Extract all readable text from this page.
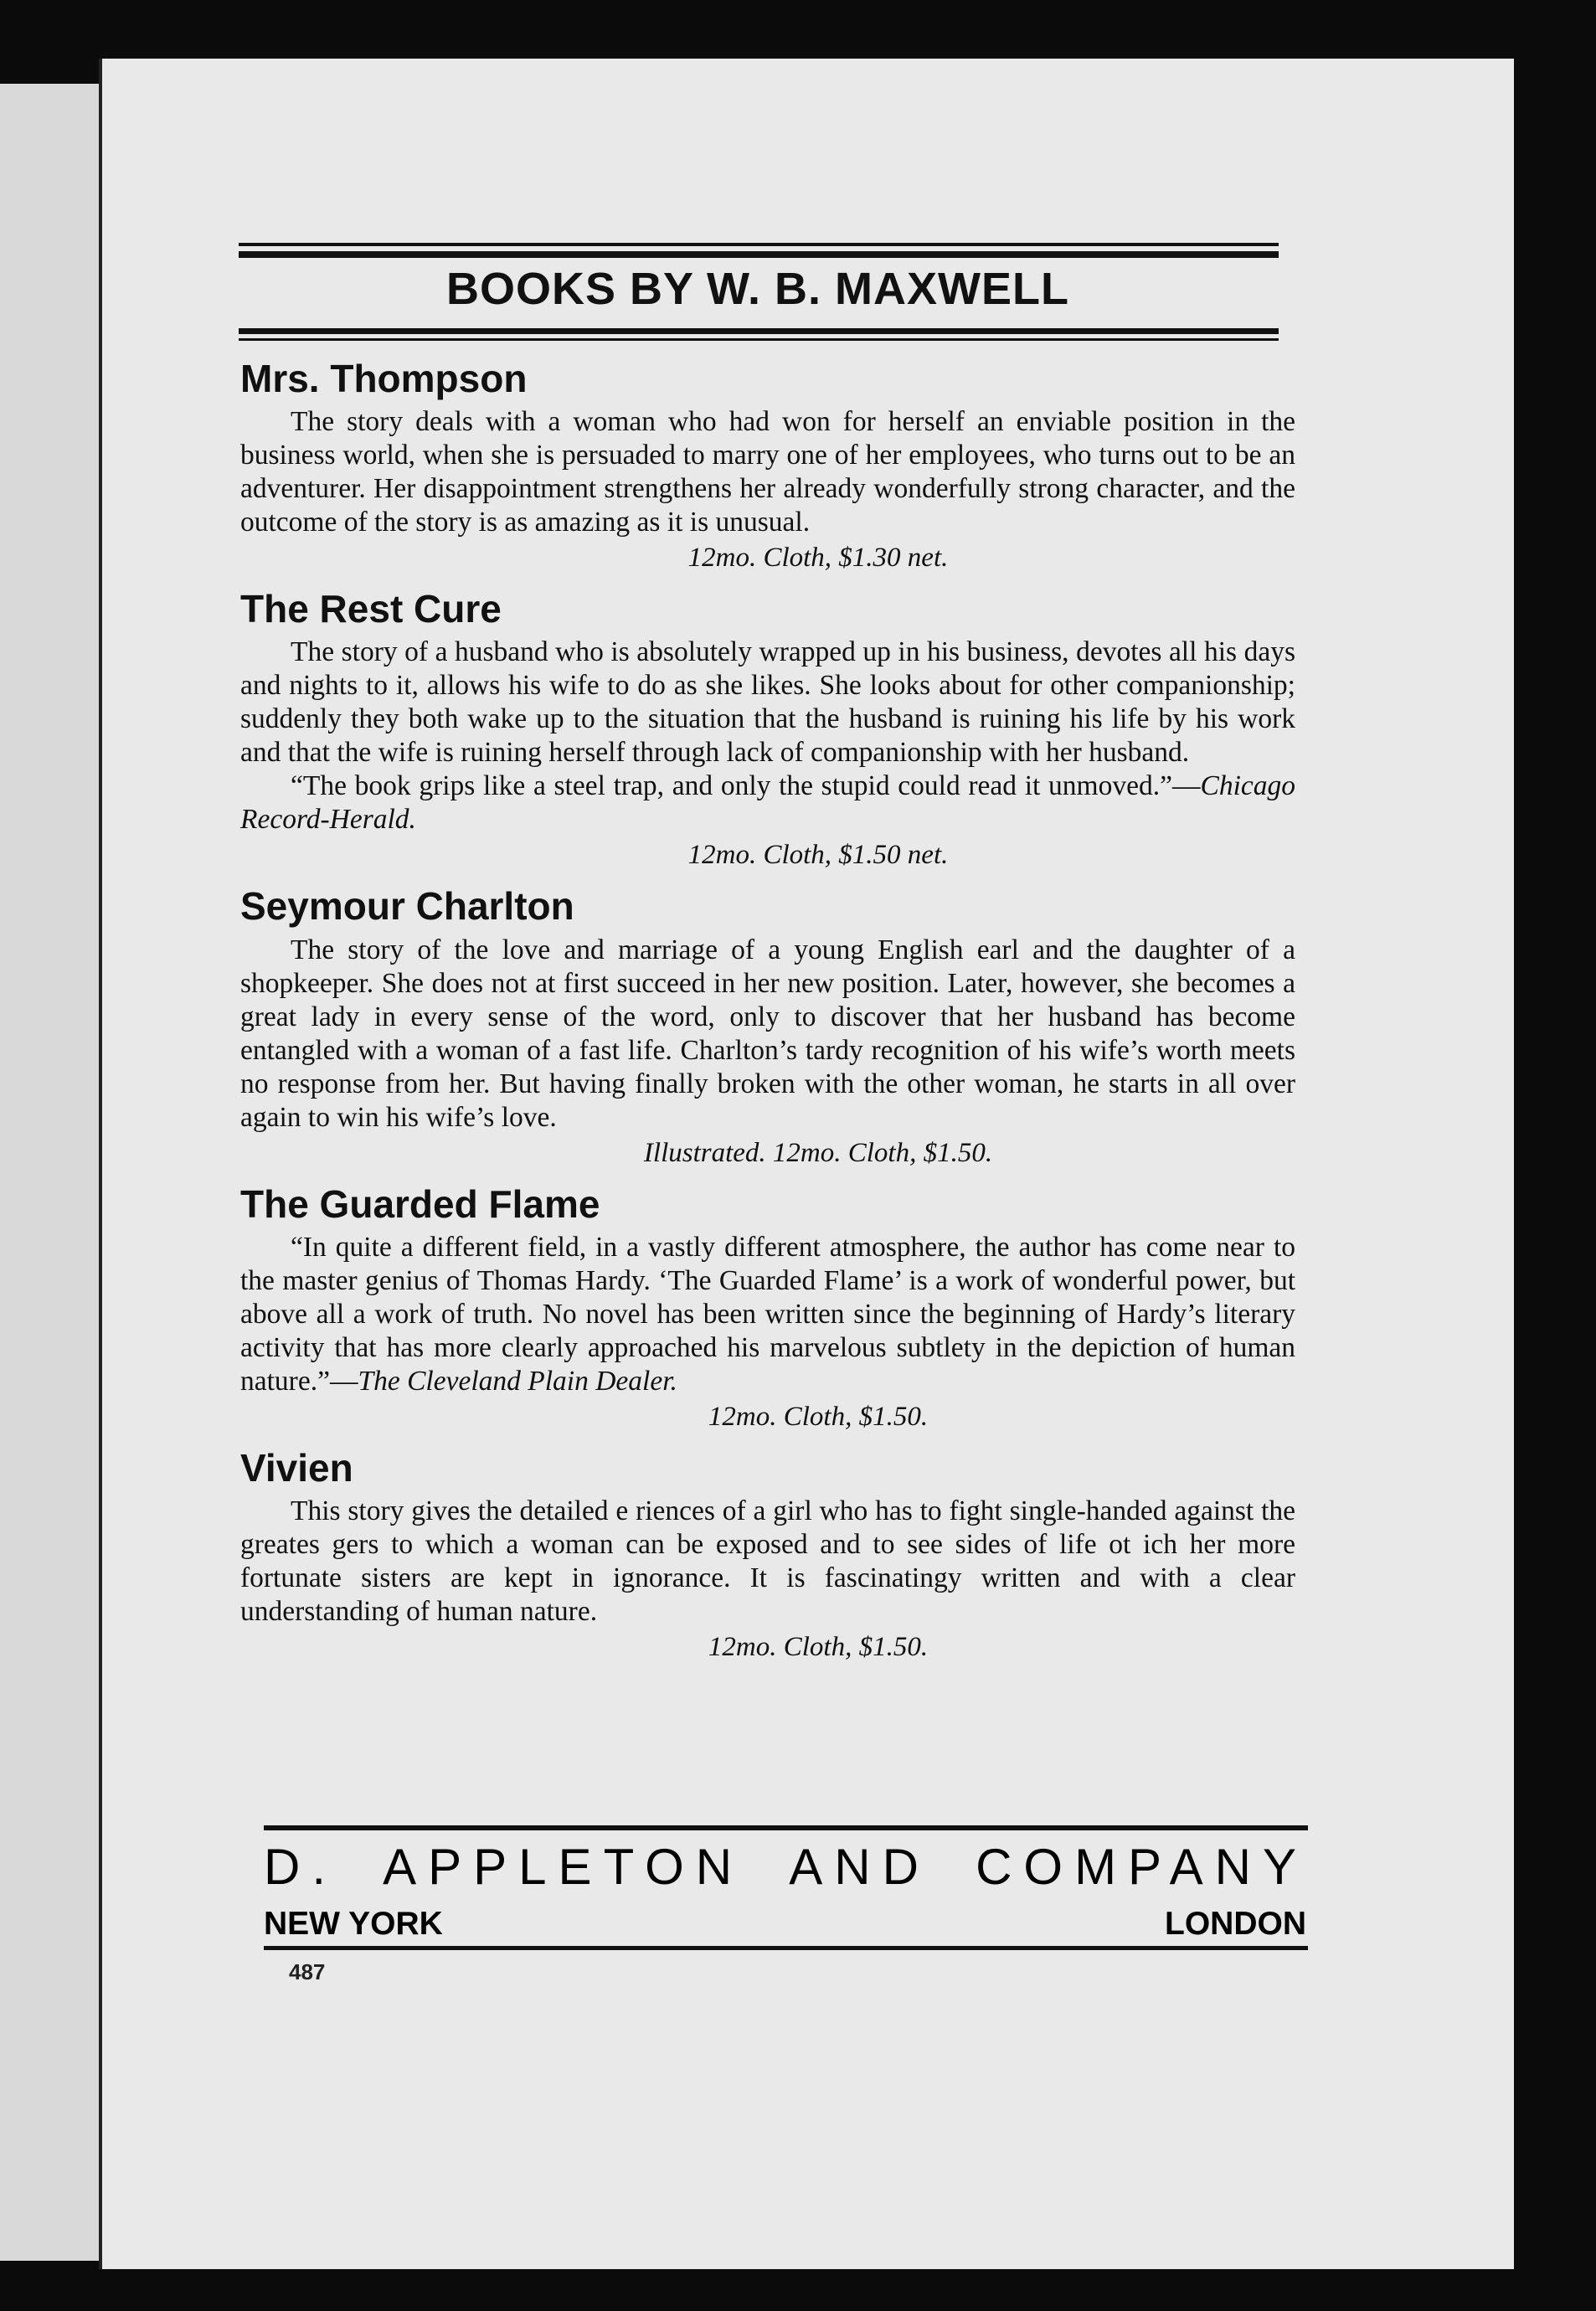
BOOKS BY W. B. MAXWELL
Mrs. Thompson

The story deals with a woman who had won for herself an enviable position in the business world, when she is persuaded to marry one of her employees, who turns out to be an adventurer. Her disappointment strengthens her already wonderfully strong character, and the outcome of the story is as amazing as it is unusual.

12mo. Cloth, $1.30 net.

The Rest Cure

The story of a husband who is absolutely wrapped up in his business, devotes all his days and nights to it, allows his wife to do as she likes. She looks about for other companionship; suddenly they both wake up to the situation that the husband is ruining his life by his work and that the wife is ruining herself through lack of companionship with her husband.

“The book grips like a steel trap, and only the stupid could read it unmoved.”—Chicago Record-Herald.

12mo. Cloth, $1.50 net.

Seymour Charlton

The story of the love and marriage of a young English earl and the daughter of a shopkeeper. She does not at first succeed in her new position. Later, however, she becomes a great lady in every sense of the word, only to discover that her husband has become entangled with a woman of a fast life. Charlton’s tardy recognition of his wife’s worth meets no response from her. But having finally broken with the other woman, he starts in all over again to win his wife’s love.

Illustrated. 12mo. Cloth, $1.50.

The Guarded Flame

“In quite a different field, in a vastly different atmosphere, the author has come near to the master genius of Thomas Hardy. ‘The Guarded Flame’ is a work of wonderful power, but above all a work of truth. No novel has been written since the beginning of Hardy’s literary activity that has more clearly approached his marvelous subtlety in the depiction of human nature.”—The Cleveland Plain Dealer.

12mo. Cloth, $1.50.

Vivien

This story gives the detailed e riences of a girl who has to fight single-handed against the greates gers to which a woman can be exposed and to see sides of life ot ich her more fortunate sisters are kept in ignorance. It is fascinatingy written and with a clear understanding of human nature.

12mo. Cloth, $1.50.

D. APPLETON AND COMPANY
NEW YORK	LONDON
487
